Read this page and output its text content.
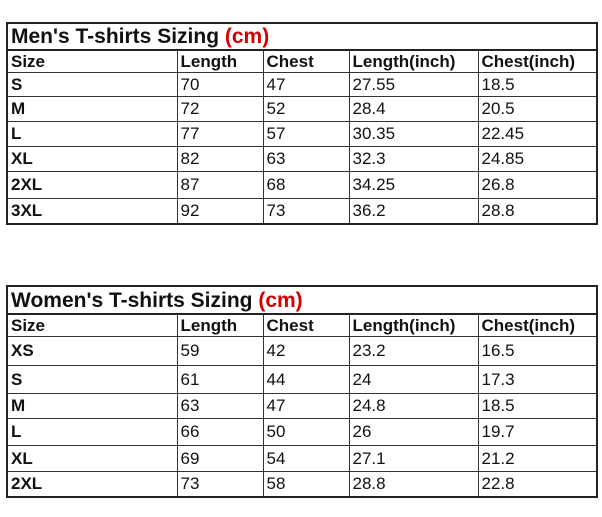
Men's T-shirts Sizing (cm)				
Size	Length	Chest	Length(inch)	Chest(inch)
S	70	47	27.55	18.5
M	72	52	28.4	20.5
L	77	57	30.35	22.45
XL	82	63	32.3	24.85
2XL	87	68	34.25	26.8
3XL	92	73	36.2	28.8
Women's T-shirts Sizing (cm)				
Size	Length	Chest	Length(inch)	Chest(inch)
XS	59	42	23.2	16.5
S	61	44	24	17.3
M	63	47	24.8	18.5
L	66	50	26	19.7
XL	69	54	27.1	21.2
2XL	73	58	28.8	22.8
